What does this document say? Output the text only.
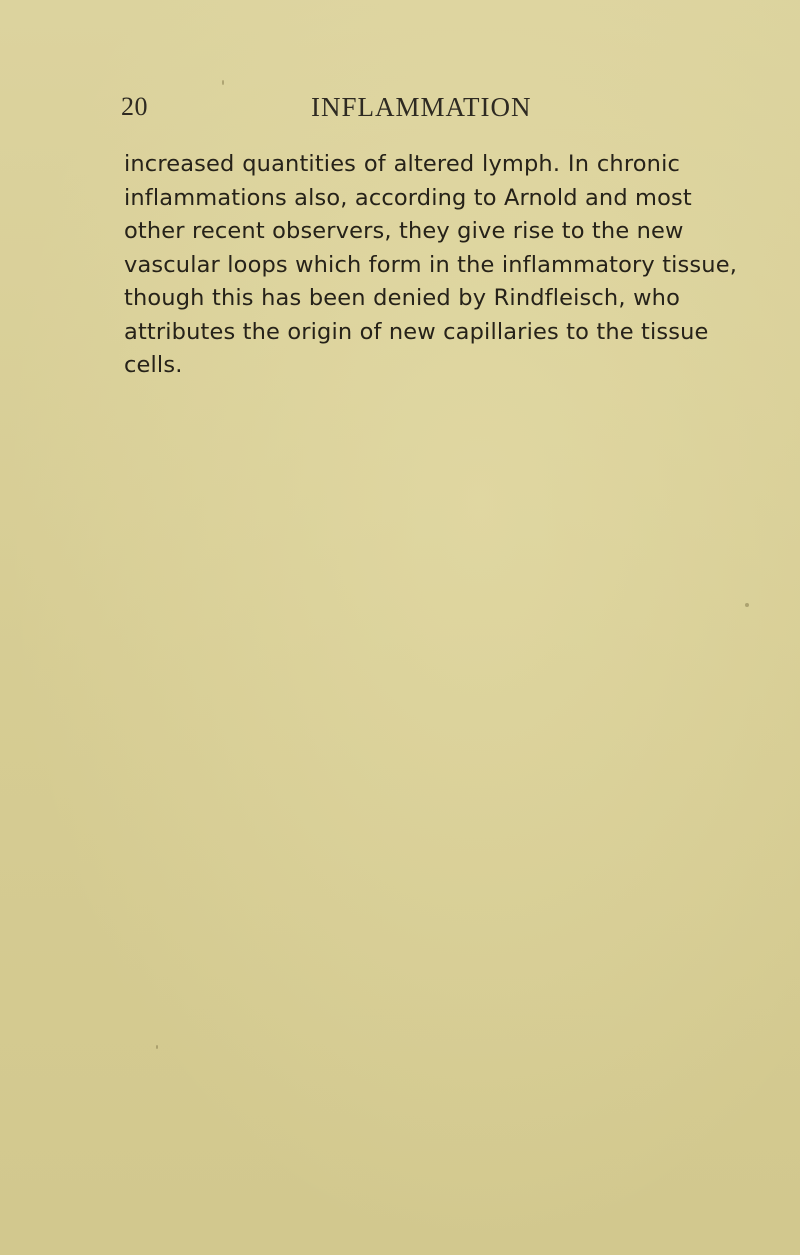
20	INFLAMMATION
increased quantities of altered lymph. In chronic
inflammations also, according to Arnold and most
other recent observers, they give rise to the new
vascular loops which form in the inflammatory tissue,
though this has been denied by Rindfleisch, who
attributes the origin of new capillaries to the tissue
cells.
